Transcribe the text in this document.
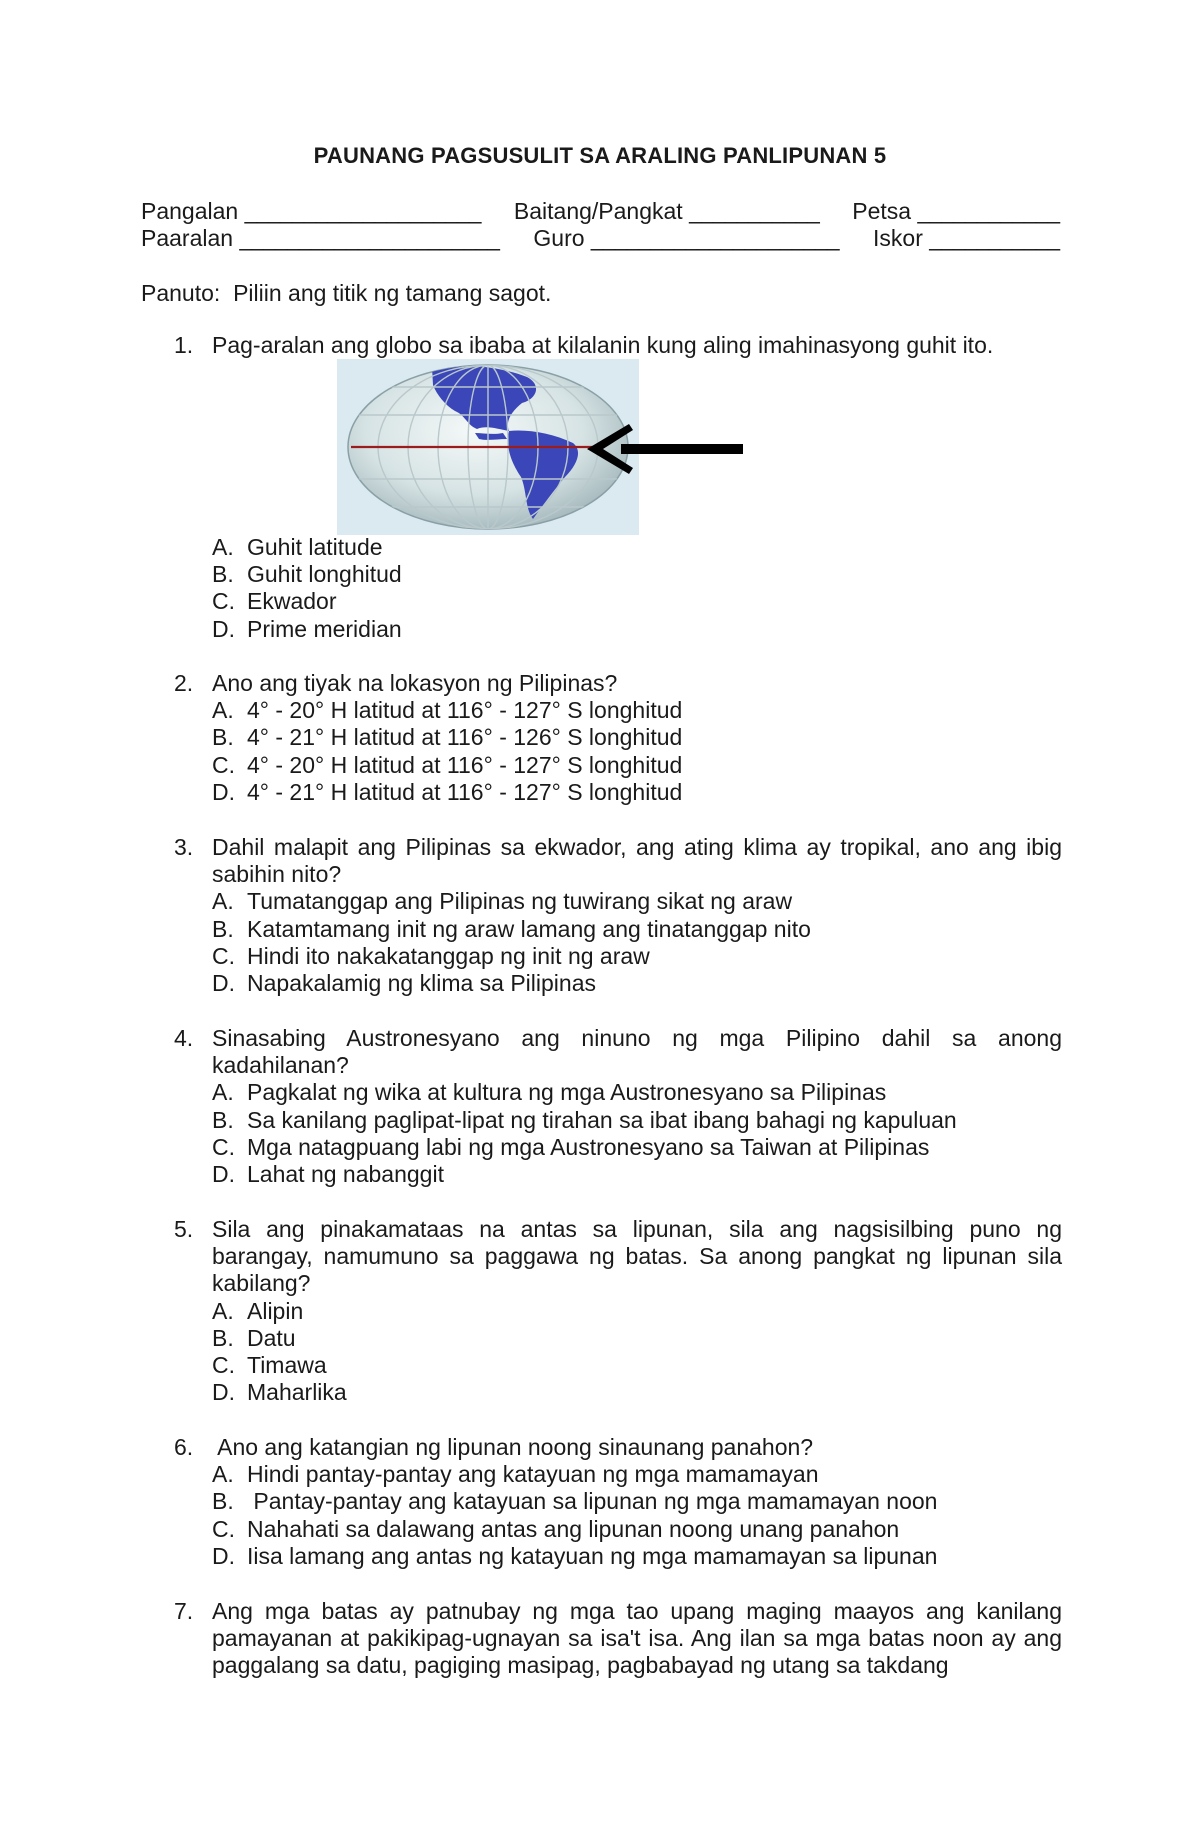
PAUNANG PAGSUSULIT SA ARALING PANLIPUNAN 5
Pangalan ____________________ Baitang/Pangkat ___________ Petsa ____________
Paaralan ______________________ Guro _____________________ Iskor ___________
Panuto:  Piliin ang titik ng tamang sagot.
1. Pag-aralan ang globo sa ibaba at kilalanin kung aling imahinasyong guhit ito.
A. Guhit latitude
B. Guhit longhitud
C. Ekwador
D. Prime meridian
2. Ano ang tiyak na lokasyon ng Pilipinas?
A. 4° - 20° H latitud at 116° - 127° S longhitud
B. 4° - 21° H latitud at 116° - 126° S longhitud
C. 4° - 20° H latitud at 116° - 127° S longhitud
D. 4° - 21° H latitud at 116° - 127° S longhitud
3. Dahil malapit ang Pilipinas sa ekwador, ang ating klima ay tropikal, ano ang ibig sabihin nito?
A. Tumatanggap ang Pilipinas ng tuwirang sikat ng araw
B. Katamtamang init ng araw lamang ang tinatanggap nito
C. Hindi ito nakakatanggap ng init ng araw
D. Napakalamig ng klima sa Pilipinas
4. Sinasabing Austronesyano ang ninuno ng mga Pilipino dahil sa anong kadahilanan?
A. Pagkalat ng wika at kultura ng mga Austronesyano sa Pilipinas
B. Sa kanilang paglipat-lipat ng tirahan sa ibat ibang bahagi ng kapuluan
C. Mga natagpuang labi ng mga Austronesyano sa Taiwan at Pilipinas
D. Lahat ng nabanggit
5. Sila ang pinakamataas na antas sa lipunan, sila ang nagsisilbing puno ng barangay, namumuno sa paggawa ng batas. Sa anong pangkat ng lipunan sila kabilang?
A. Alipin
B. Datu
C. Timawa
D. Maharlika
6. Ano ang katangian ng lipunan noong sinaunang panahon?
A. Hindi pantay-pantay ang katayuan ng mga mamamayan
B. Pantay-pantay ang katayuan sa lipunan ng mga mamamayan noon
C. Nahahati sa dalawang antas ang lipunan noong unang panahon
D. Iisa lamang ang antas ng katayuan ng mga mamamayan sa lipunan
7. Ang mga batas ay patnubay ng mga tao upang maging maayos ang kanilang pamayanan at pakikipag-ugnayan sa isa't isa. Ang ilan sa mga batas noon ay ang paggalang sa datu, pagiging masipag, pagbabayad ng utang sa takdang
